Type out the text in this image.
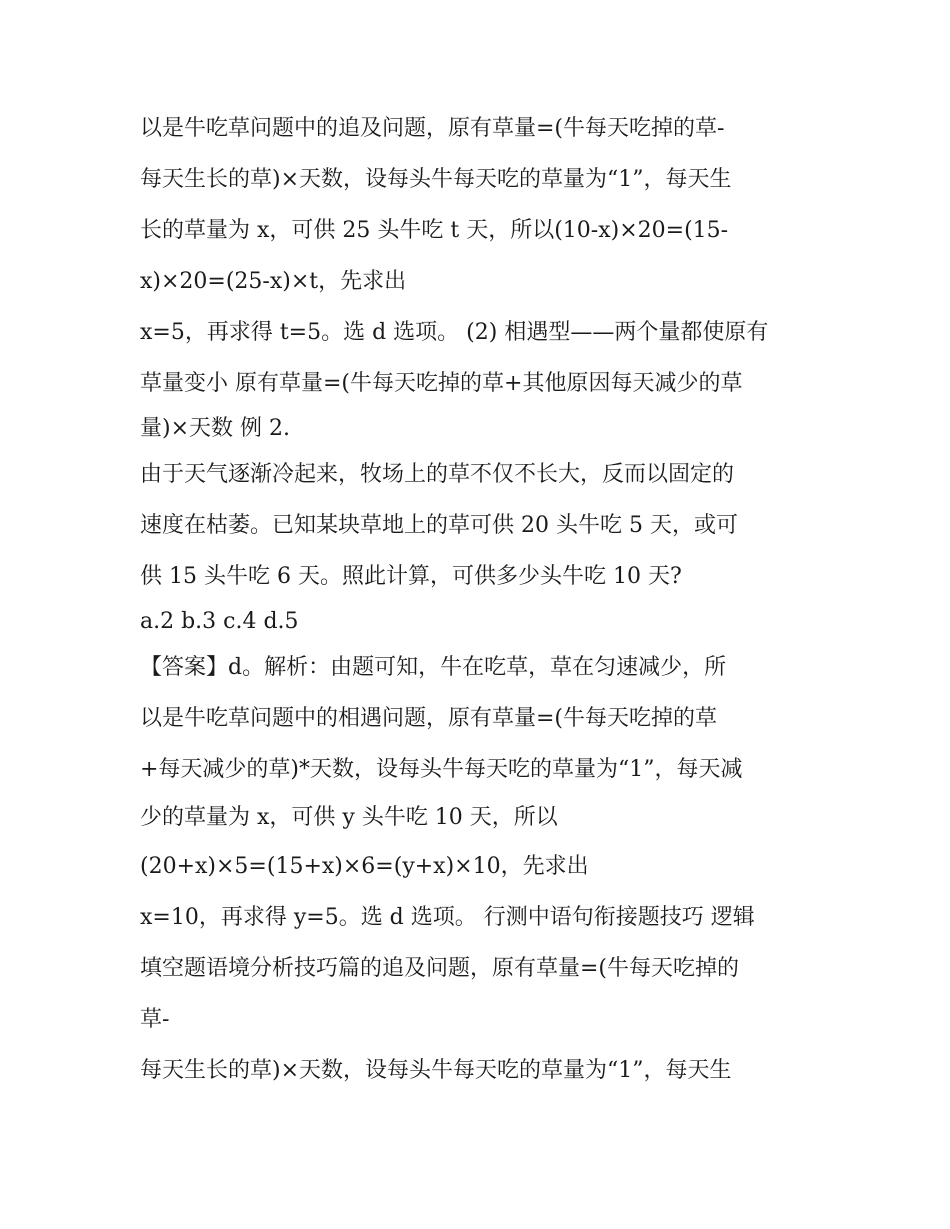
以是牛吃草问题中的追及问题，原有草量=(牛每天吃掉的草-
每天生长的草)×天数，设每头牛每天吃的草量为“1”，每天生
长的草量为 x，可供 25 头牛吃 t 天，所以(10-x)×20=(15-
x)×20=(25-x)×t，先求出
x=5，再求得 t=5。选 d 选项。 (2) 相遇型——两个量都使原有
草量变小 原有草量=(牛每天吃掉的草+其他原因每天减少的草
量)×天数 例 2.
由于天气逐渐冷起来，牧场上的草不仅不长大，反而以固定的
速度在枯萎。已知某块草地上的草可供 20 头牛吃 5 天，或可
供 15 头牛吃 6 天。照此计算，可供多少头牛吃 10 天?
a.2 b.3 c.4 d.5
【答案】d。解析：由题可知，牛在吃草，草在匀速减少，所
以是牛吃草问题中的相遇问题，原有草量=(牛每天吃掉的草
+每天减少的草)*天数，设每头牛每天吃的草量为“1”，每天减
少的草量为 x，可供 y 头牛吃 10 天，所以
(20+x)×5=(15+x)×6=(y+x)×10，先求出
x=10，再求得 y=5。选 d 选项。 行测中语句衔接题技巧 逻辑
填空题语境分析技巧篇的追及问题，原有草量=(牛每天吃掉的
草-
每天生长的草)×天数，设每头牛每天吃的草量为“1”，每天生
